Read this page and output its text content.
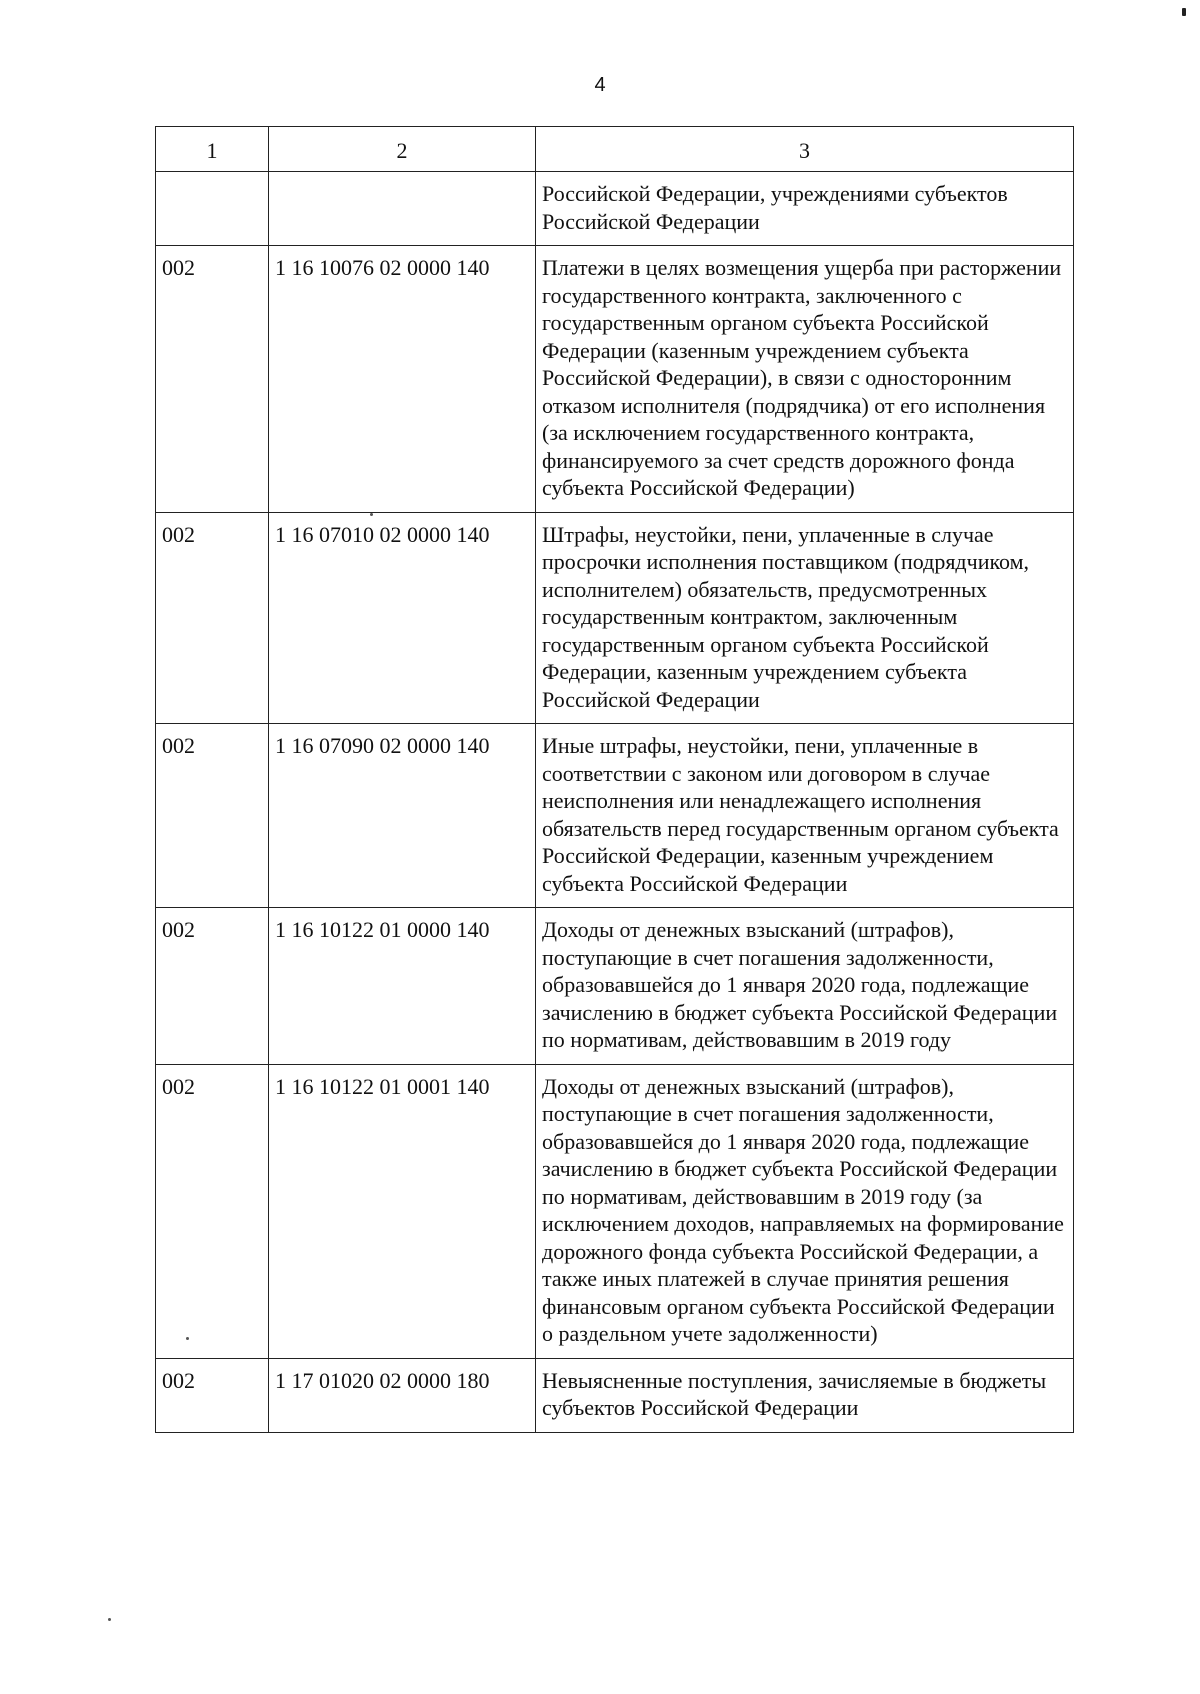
4
1	2	3
		Российской Федерации, учреждениями субъектов Российской Федерации
002	1 16 10076 02 0000 140	Платежи в целях возмещения ущерба при расторжении государственного контракта, заключенного с государственным органом субъекта Российской Федерации (казенным учреждением субъекта Российской Федерации), в связи с односторонним отказом исполнителя (подрядчика) от его исполнения (за исключением государственного контракта, финансируемого за счет средств дорожного фонда субъекта Российской Федерации)
002	1 16 07010 02 0000 140	Штрафы, неустойки, пени, уплаченные в случае просрочки исполнения поставщиком (подрядчиком, исполнителем) обязательств, предусмотренных государственным контрактом, заключенным государственным органом субъекта Российской Федерации, казенным учреждением субъекта Российской Федерации
002	1 16 07090 02 0000 140	Иные штрафы, неустойки, пени, уплаченные в соответствии с законом или договором в случае неисполнения или ненадлежащего исполнения обязательств перед государственным органом субъекта Российской Федерации, казенным учреждением субъекта Российской Федерации
002	1 16 10122 01 0000 140	Доходы от денежных взысканий (штрафов), поступающие в счет погашения задолженности, образовавшейся до 1 января 2020 года, подлежащие зачислению в бюджет субъекта Российской Федерации по нормативам, действовавшим в 2019 году
002	1 16 10122 01 0001 140	Доходы от денежных взысканий (штрафов), поступающие в счет погашения задолженности, образовавшейся до 1 января 2020 года, подлежащие зачислению в бюджет субъекта Российской Федерации по нормативам, действовавшим в 2019 году (за исключением доходов, направляемых на формирование дорожного фонда субъекта Российской Федерации, а также иных платежей в случае принятия решения финансовым органом субъекта Российской Федерации о раздельном учете задолженности)
002	1 17 01020 02 0000 180	Невыясненные поступления, зачисляемые в бюджеты субъектов Российской Федерации
